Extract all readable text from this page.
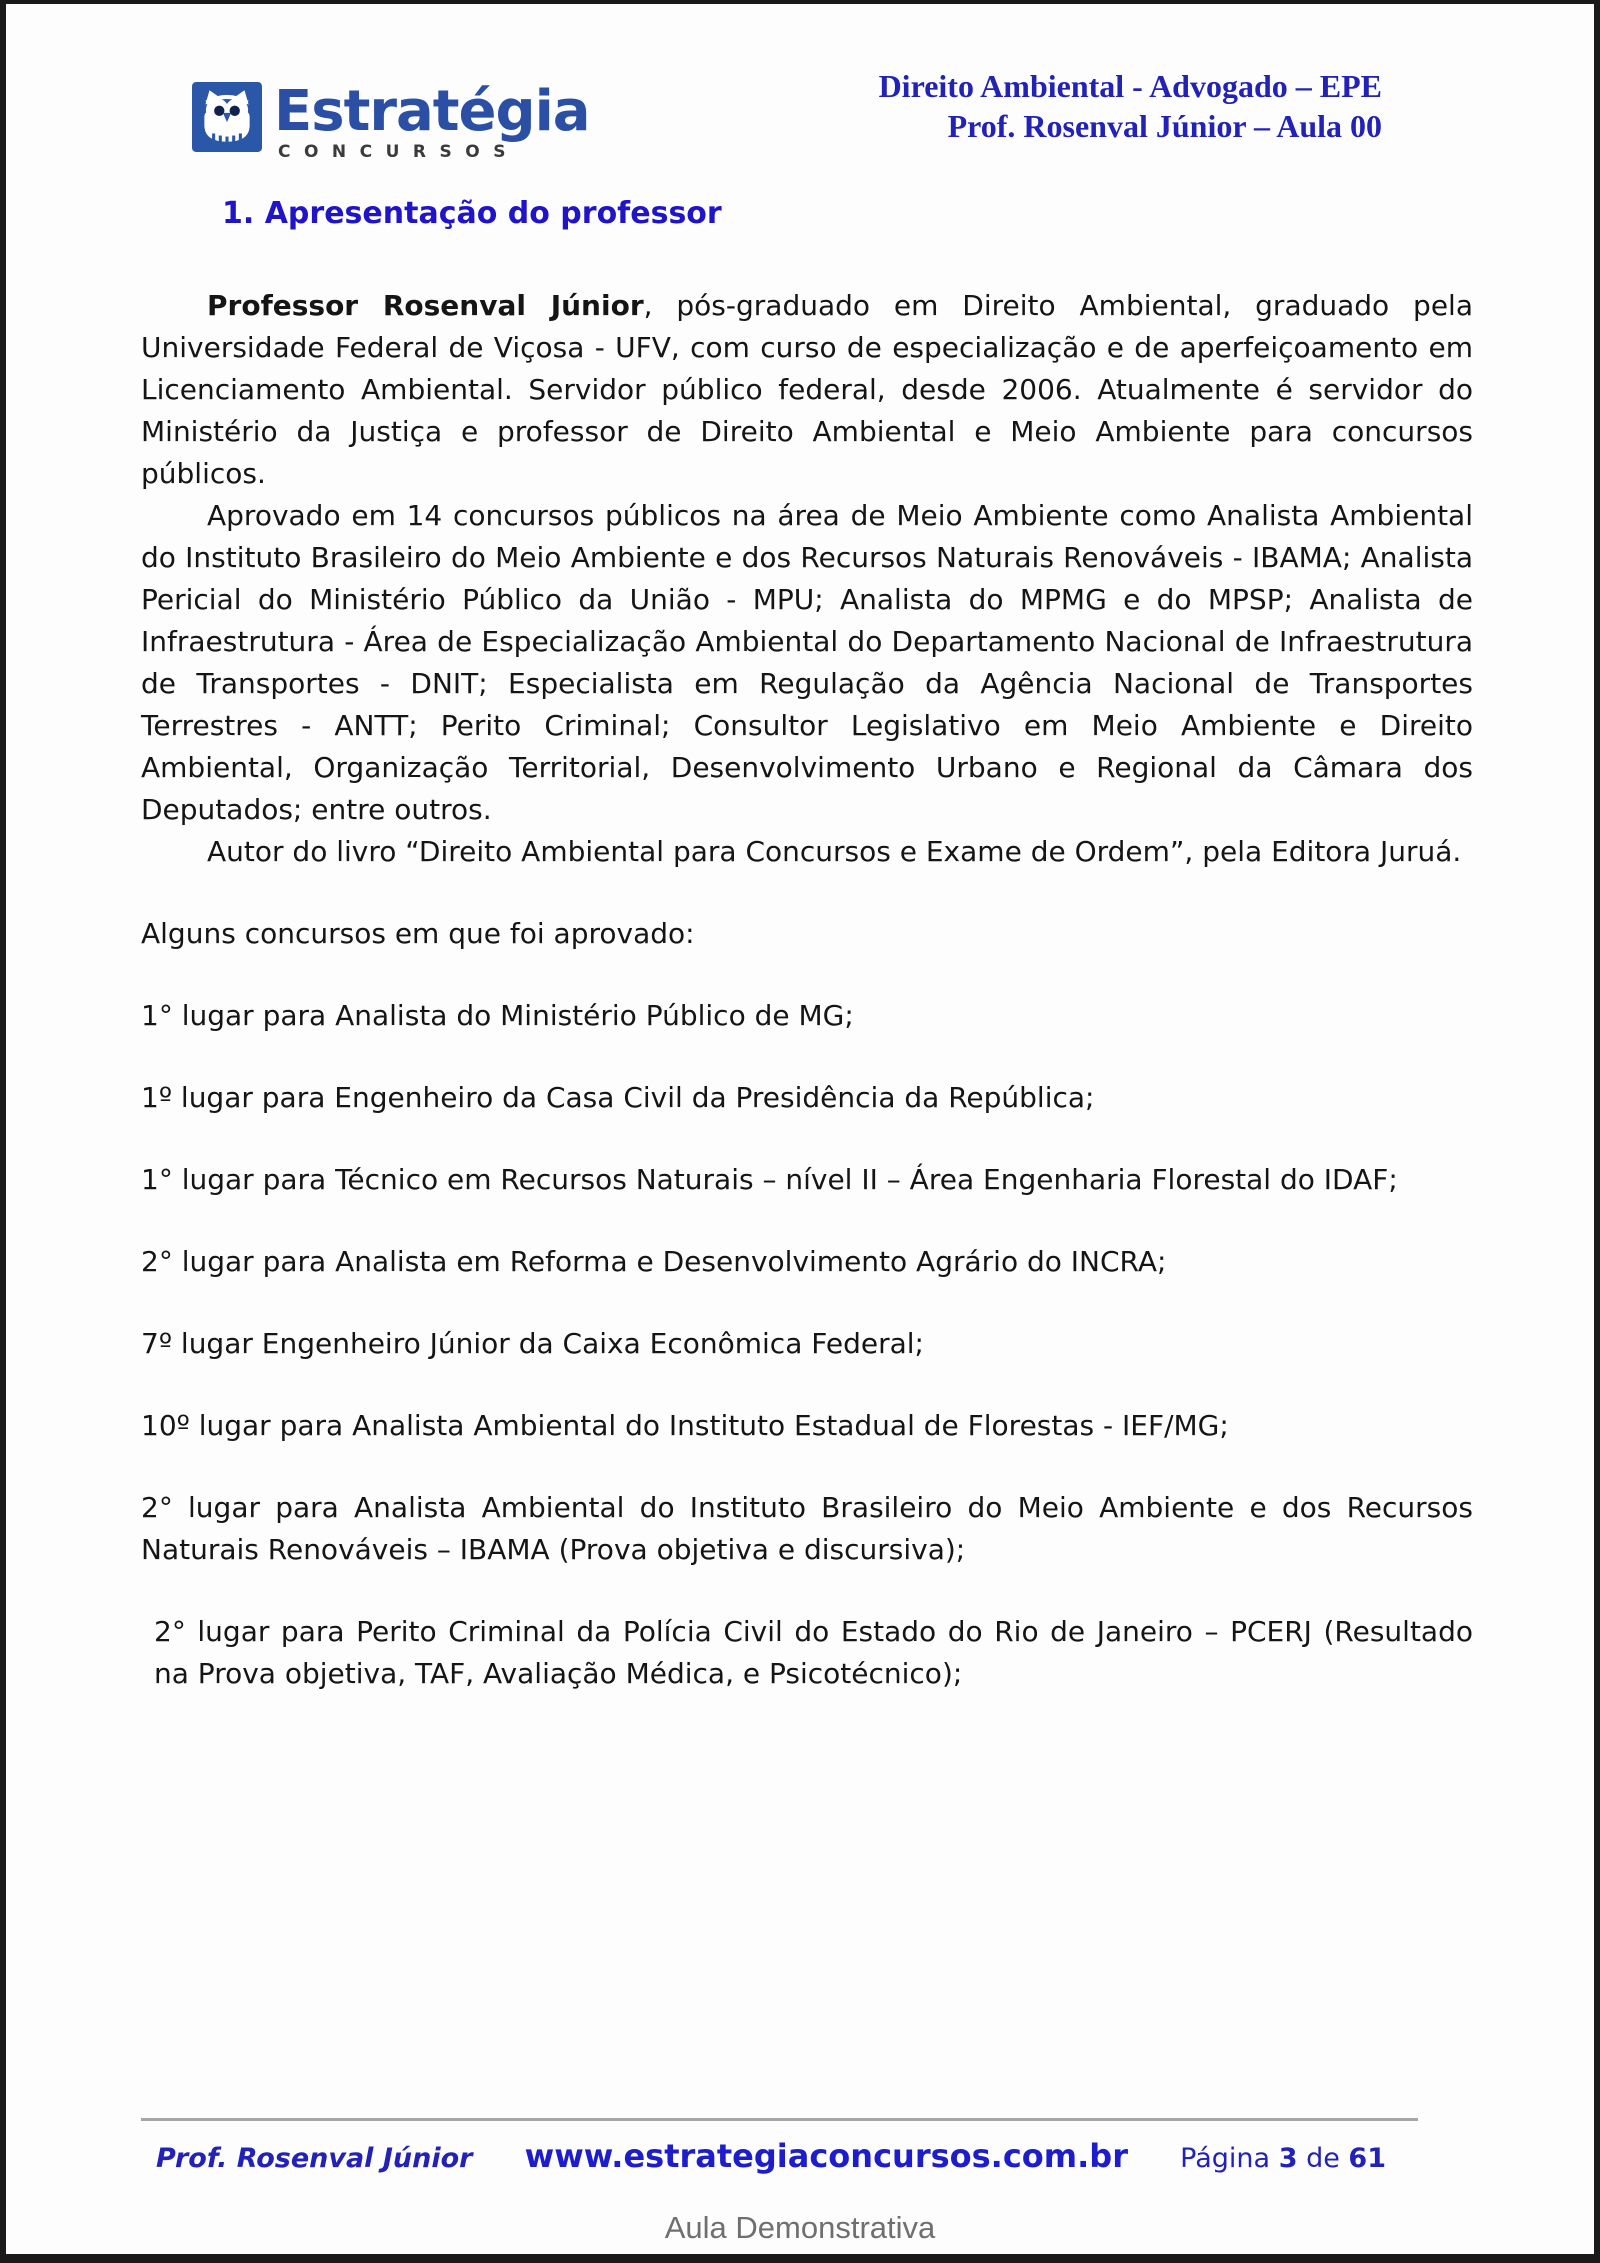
Estratégia
CONCURSOS
Direito Ambiental - Advogado – EPE
Prof. Rosenval Júnior – Aula 00
1. Apresentação do professor

Professor Rosenval Júnior, pós-graduado em Direito Ambiental, graduado pela Universidade Federal de Viçosa - UFV, com curso de especialização e de aperfeiçoamento em Licenciamento Ambiental. Servidor público federal, desde 2006. Atualmente é servidor do Ministério da Justiça e professor de Direito Ambiental e Meio Ambiente para concursos públicos.

Aprovado em 14 concursos públicos na área de Meio Ambiente como Analista Ambiental do Instituto Brasileiro do Meio Ambiente e dos Recursos Naturais Renováveis - IBAMA; Analista Pericial do Ministério Público da União - MPU; Analista do MPMG e do MPSP; Analista de Infraestrutura - Área de Especialização Ambiental do Departamento Nacional de Infraestrutura de Transportes - DNIT; Especialista em Regulação da Agência Nacional de Transportes Terrestres - ANTT; Perito Criminal; Consultor Legislativo em Meio Ambiente e Direito Ambiental, Organização Territorial, Desenvolvimento Urbano e Regional da Câmara dos Deputados; entre outros.

Autor do livro “Direito Ambiental para Concursos e Exame de Ordem”, pela Editora Juruá.

Alguns concursos em que foi aprovado:

1° lugar para Analista do Ministério Público de MG;

1º lugar para Engenheiro da Casa Civil da Presidência da República;

1° lugar para Técnico em Recursos Naturais – nível II – Área Engenharia Florestal do IDAF;

2° lugar para Analista em Reforma e Desenvolvimento Agrário do INCRA;

7º lugar Engenheiro Júnior da Caixa Econômica Federal;

10º lugar para Analista Ambiental do Instituto Estadual de Florestas - IEF/MG;

2° lugar para Analista Ambiental do Instituto Brasileiro do Meio Ambiente e dos Recursos Naturais Renováveis – IBAMA (Prova objetiva e discursiva);

2° lugar para Perito Criminal da Polícia Civil do Estado do Rio de Janeiro – PCERJ (Resultado na Prova objetiva, TAF, Avaliação Médica, e Psicotécnico);

Prof. Rosenval Júnior www.estrategiaconcursos.com.br Página 3 de 61
Aula Demonstrativa
